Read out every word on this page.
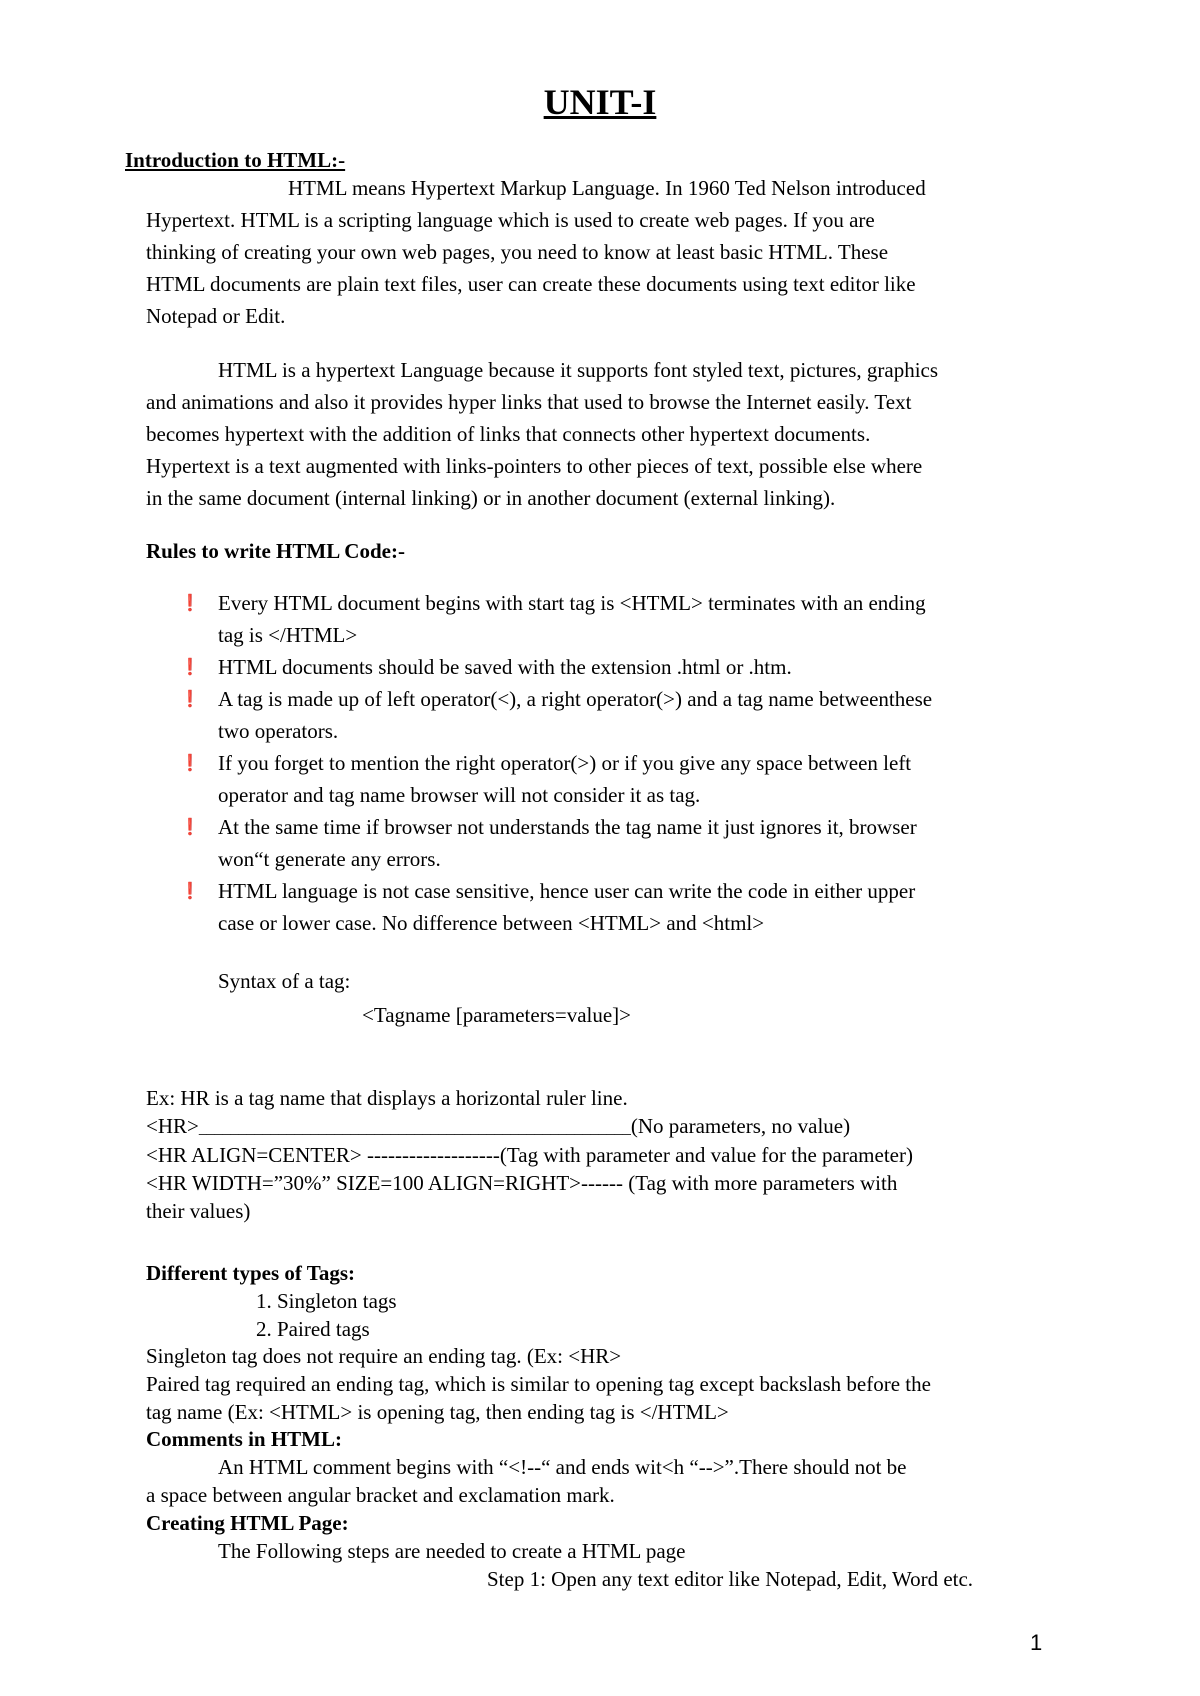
UNIT-I
Introduction to HTML:-
HTML means Hypertext Markup Language. In 1960 Ted Nelson introduced
Hypertext. HTML is a scripting language which is used to create web pages. If you are
thinking of creating your own web pages, you need to know at least basic HTML. These
HTML documents are plain text files, user can create these documents using text editor like
Notepad or Edit.
HTML is a hypertext Language because it supports font styled text, pictures, graphics
and animations and also it provides hyper links that used to browse the Internet easily. Text
becomes hypertext with the addition of links that connects other hypertext documents.
Hypertext is a text augmented with links-pointers to other pieces of text, possible else where
in the same document (internal linking) or in another document (external linking).
Rules to write HTML Code:-
❗ Every HTML document begins with start tag is <HTML> terminates with an ending
tag is </HTML>
❗ HTML documents should be saved with the extension .html or .htm.
❗ A tag is made up of left operator(<), a right operator(>) and a tag name betweenthese
two operators.
❗ If you forget to mention the right operator(>) or if you give any space between left
operator and tag name browser will not consider it as tag.
❗ At the same time if browser not understands the tag name it just ignores it, browser
won“t generate any errors.
❗ HTML language is not case sensitive, hence user can write the code in either upper
case or lower case. No difference between <HTML> and <html>
Syntax of a tag:
<Tagname [parameters=value]>
Ex: HR is a tag name that displays a horizontal ruler line.
<HR>______________________________________________________(No parameters, no value)
<HR ALIGN=CENTER> -------------------(Tag with parameter and value for the parameter)
<HR WIDTH=”30%” SIZE=100 ALIGN=RIGHT>------ (Tag with more parameters with
their values)
Different types of Tags:
1. Singleton tags
2. Paired tags
Singleton tag does not require an ending tag. (Ex: <HR>
Paired tag required an ending tag, which is similar to opening tag except backslash before the
tag name (Ex: <HTML> is opening tag, then ending tag is </HTML>
Comments in HTML:
An HTML comment begins with “<!--“ and ends wit<h “-->”.There should not be
a space between angular bracket and exclamation mark.
Creating HTML Page:
The Following steps are needed to create a HTML page
Step 1: Open any text editor like Notepad, Edit, Word etc.
1
